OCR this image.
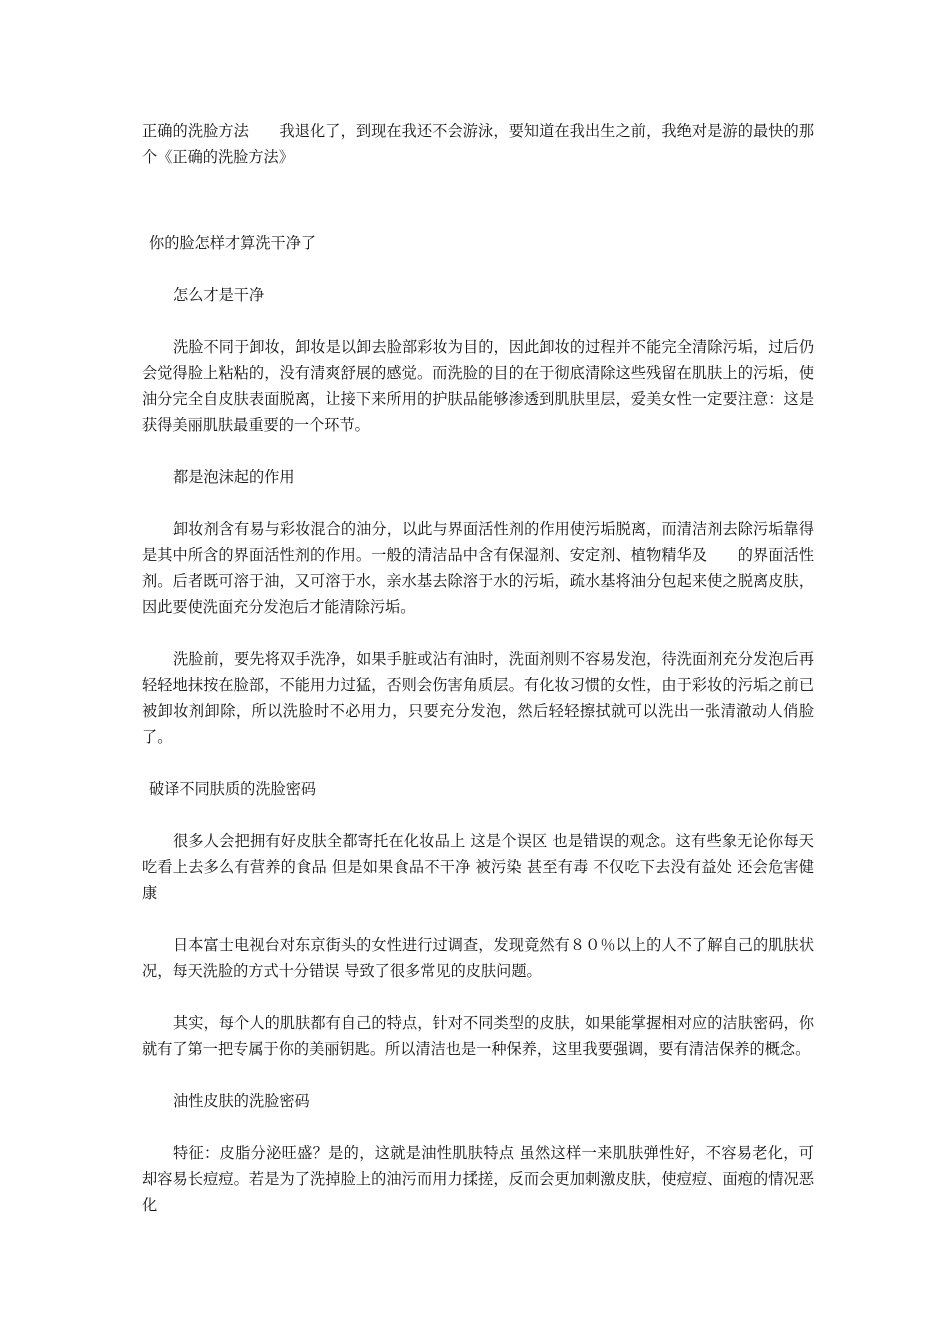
正确的洗脸方法　　我退化了，到现在我还不会游泳，要知道在我出生之前，我绝对是游的最快的那个《正确的洗脸方法》

你的脸怎样才算洗干净了

怎么才是干净

洗脸不同于卸妆，卸妆是以卸去脸部彩妆为目的，因此卸妆的过程并不能完全清除污垢，过后仍会觉得脸上粘粘的，没有清爽舒展的感觉。而洗脸的目的在于彻底清除这些残留在肌肤上的污垢，使油分完全自皮肤表面脱离，让接下来所用的护肤品能够渗透到肌肤里层，爱美女性一定要注意：这是获得美丽肌肤最重要的一个环节。

都是泡沫起的作用

卸妆剂含有易与彩妆混合的油分，以此与界面活性剂的作用使污垢脱离，而清洁剂去除污垢靠得是其中所含的界面活性剂的作用。一般的清洁品中含有保湿剂、安定剂、植物精华及　　的界面活性剂。后者既可溶于油，又可溶于水，亲水基去除溶于水的污垢，疏水基将油分包起来使之脱离皮肤，因此要使洗面充分发泡后才能清除污垢。

洗脸前，要先将双手洗净，如果手脏或沾有油时，洗面剂则不容易发泡，待洗面剂充分发泡后再轻轻地抹按在脸部，不能用力过猛，否则会伤害角质层。有化妆习惯的女性，由于彩妆的污垢之前已被卸妆剂卸除，所以洗脸时不必用力，只要充分发泡，然后轻轻擦拭就可以洗出一张清澈动人俏脸了。

破译不同肤质的洗脸密码

很多人会把拥有好皮肤全都寄托在化妆品上 这是个误区 也是错误的观念。这有些象无论你每天吃看上去多么有营养的食品 但是如果食品不干净 被污染 甚至有毒 不仅吃下去没有益处 还会危害健康

日本富士电视台对东京街头的女性进行过调查，发现竟然有８０％以上的人不了解自己的肌肤状况，每天洗脸的方式十分错误 导致了很多常见的皮肤问题。

其实，每个人的肌肤都有自己的特点，针对不同类型的皮肤，如果能掌握相对应的洁肤密码，你就有了第一把专属于你的美丽钥匙。所以清洁也是一种保养，这里我要强调，要有清洁保养的概念。

油性皮肤的洗脸密码

特征：皮脂分泌旺盛？是的，这就是油性肌肤特点 虽然这样一来肌肤弹性好，不容易老化，可却容易长痘痘。若是为了洗掉脸上的油污而用力揉搓，反而会更加刺激皮肤，使痘痘、面疱的情况恶化
